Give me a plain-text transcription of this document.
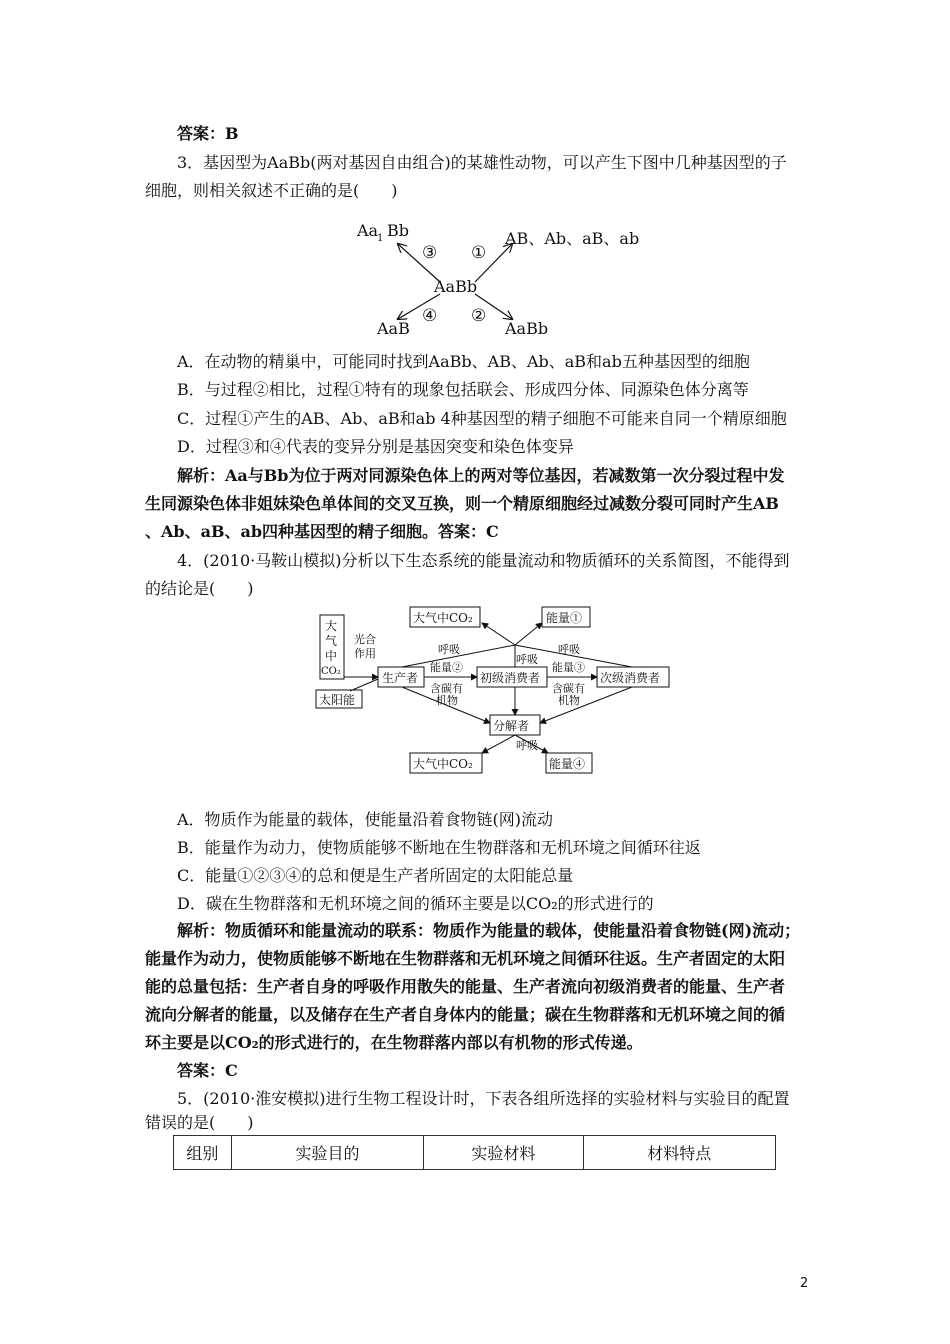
答案：B
3．基因型为AaBb(两对基因自由组合)的某雄性动物，可以产生下图中几种基因型的子
细胞，则相关叙述不正确的是(　　)
AaBb
Aa
1 Bb	AB、Ab、aB、ab
AaB	AaBb
③ ①
④ ②
A．在动物的精巢中，可能同时找到AaBb、AB、Ab、aB和ab五种基因型的细胞
B．与过程②相比，过程①特有的现象包括联会、形成四分体、同源染色体分离等
C．过程①产生的AB、Ab、aB和ab 4种基因型的精子细胞不可能来自同一个精原细胞
D．过程③和④代表的变异分别是基因突变和染色体变异
解析：Aa与Bb为位于两对同源染色体上的两对等位基因，若减数第一次分裂过程中发
生同源染色体非姐妹染色单体间的交叉互换，则一个精原细胞经过减数分裂可同时产生AB
、Ab、aB、ab四种基因型的精子细胞。答案：C
4．(2010·马鞍山模拟)分析以下生态系统的能量流动和物质循环的关系简图，不能得到
的结论是(　　)
大
气
中
CO₂
太阳能
光合
作用
生产者	初级消费者	次级消费者
能量②
含碳有
机物
能量③
含碳有
机物
大气中CO₂	能量①
呼吸
呼吸
呼吸
分解者
呼吸
大气中CO₂	能量④
A．物质作为能量的载体，使能量沿着食物链(网)流动
B．能量作为动力，使物质能够不断地在生物群落和无机环境之间循环往返
C．能量①②③④的总和便是生产者所固定的太阳能总量
D．碳在生物群落和无机环境之间的循环主要是以CO₂的形式进行的
解析：物质循环和能量流动的联系：物质作为能量的载体，使能量沿着食物链(网)流动；
能量作为动力，使物质能够不断地在生物群落和无机环境之间循环往返。生产者固定的太阳
能的总量包括：生产者自身的呼吸作用散失的能量、生产者流向初级消费者的能量、生产者
流向分解者的能量，以及储存在生产者自身体内的能量；碳在生物群落和无机环境之间的循
环主要是以CO₂的形式进行的，在生物群落内部以有机物的形式传递。
答案：C
5．(2010·淮安模拟)进行生物工程设计时，下表各组所选择的实验材料与实验目的配置
错误的是(　　)
组别	实验目的	实验材料	材料特点
2
